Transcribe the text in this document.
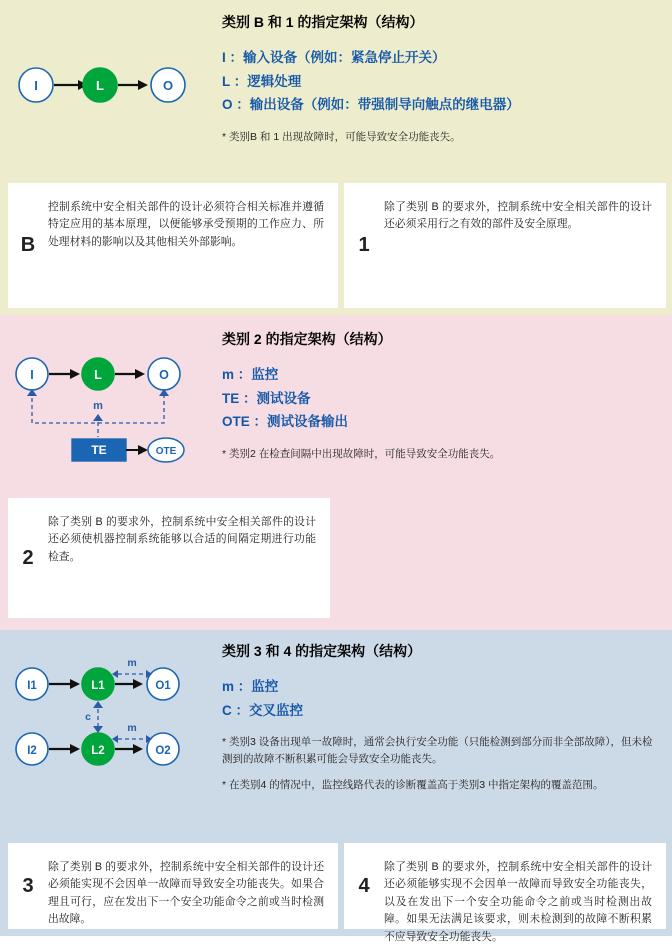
I	L	O

类别 B 和 1 的指定架构（结构）

I ：输入设备（例如：紧急停止开关）
L ：逻辑处理
O ：输出设备（例如：带强制导向触点的继电器）
* 类别B 和 1 出现故障时，可能导致安全功能丧失。
B
控制系统中安全相关部件的设计必须符合相关标准并遵循特定应用的基本原理，以便能够承受预期的工作应力、所处理材料的影响以及其他相关外部影响。	1
除了类别 B 的要求外，控制系统中安全相关部件的设计还必须采用行之有效的部件及安全原理。
I	L	O
m
TE	OTE

类别 2 的指定架构（结构）

m ：监控
TE ：测试设备
OTE ：测试设备输出
* 类别2 在检查间隔中出现故障时，可能导致安全功能丧失。
2
除了类别 B 的要求外，控制系统中安全相关部件的设计还必须使机器控制系统能够以合适的间隔定期进行功能检查。
I1	L1	O1
m
I2	L2	O2
m
c

类别 3 和 4 的指定架构（结构）

m ：监控
C ：交叉监控
* 类别3 设备出现单一故障时，通常会执行安全功能（只能检测到部分而非全部故障），但未检测到的故障不断积累可能会导致安全功能丧失。
* 在类别4 的情况中，监控线路代表的诊断覆盖高于类别3 中指定架构的覆盖范围。
3
除了类别 B 的要求外，控制系统中安全相关部件的设计还必须能实现不会因单一故障而导致安全功能丧失。如果合理且可行，应在发出下一个安全功能命令之前或当时检测出故障。
4
除了类别 B 的要求外，控制系统中安全相关部件的设计还必须能够实现不会因单一故障而导致安全功能丧失，以及在发出下一个安全功能命令之前或当时检测出故障。如果无法满足该要求，则未检测到的故障不断积累不应导致安全功能丧失。
